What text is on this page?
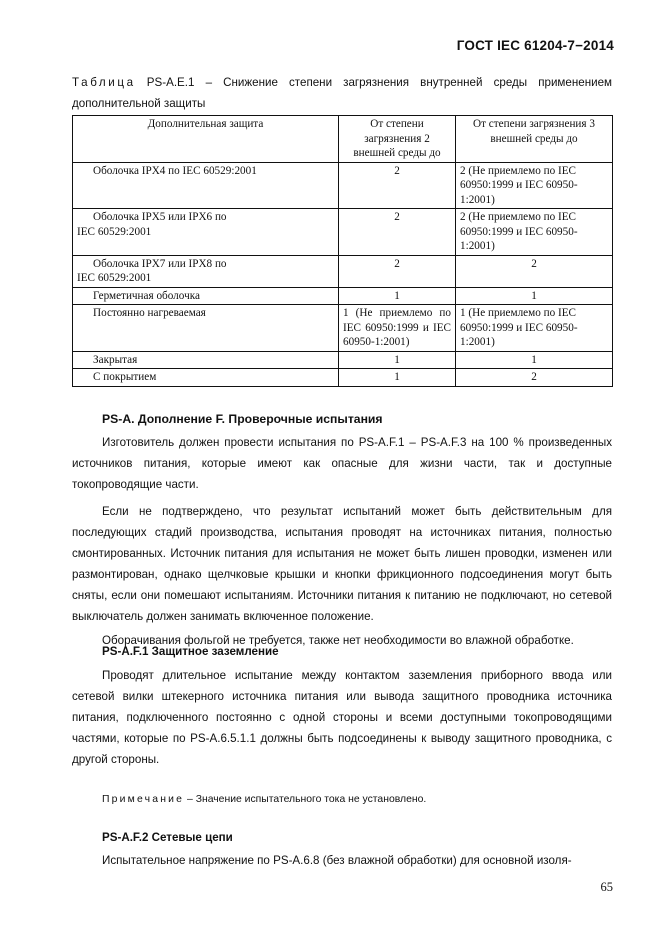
ГОСТ IEC 61204-7−2014
Таблица PS-A.E.1 – Снижение степени загрязнения внутренней среды применением дополнительной защиты
Дополнительная защита	От степени загрязнения 2 внешней среды до	От степени загрязнения 3 внешней среды до

Оболочка IPX4 по IEC 60529:2001	2	2 (Не приемлемо по IEC 60950:1999 и IEC 60950-1:2001)

Оболочка IPX5 или IPX6 по
IEC 60529:2001	2	2 (Не приемлемо по IEC 60950:1999 и IEC 60950-1:2001)

Оболочка IPX7 или IPX8 по
IEC 60529:2001	2	2

Герметичная оболочка	1	1

Постоянно нагреваемая	1 (Не приемлемо по IEC 60950:1999 и IEC 60950-1:2001)	1 (Не приемлемо по IEC 60950:1999 и IEC 60950-1:2001)

Закрытая	1	1

С покрытием	1	2
PS-A. Дополнение F. Проверочные испытания

Изготовитель должен провести испытания по PS-A.F.1 – PS-A.F.3 на 100 % произведенных источников питания, которые имеют как опасные для жизни части, так и доступные токопроводящие части.

Если не подтверждено, что результат испытаний может быть действительным для последующих стадий производства, испытания проводят на источниках питания, полностью смонтированных. Источник питания для испытания не может быть лишен проводки, изменен или размонтирован, однако щелчковые крышки и кнопки фрикционного подсоединения могут быть сняты, если они помешают испытаниям. Источники питания к питанию не подключают, но сетевой выключатель должен занимать включенное положение.

Оборачивания фольгой не требуется, также нет необходимости во влажной обработке.

PS-A.F.1 Защитное заземление

Проводят длительное испытание между контактом заземления приборного ввода или сетевой вилки штекерного источника питания или вывода защитного проводника источника питания, подключенного постоянно с одной стороны и всеми доступными токопроводящими частями, которые по PS-A.6.5.1.1 должны быть подсоединены к выводу защитного проводника, с другой стороны.

Примечание – Значение испытательного тока не установлено.
PS-A.F.2 Сетевые цепи

Испытательное напряжение по PS-A.6.8 (без влажной обработки) для основной изоля-

65
